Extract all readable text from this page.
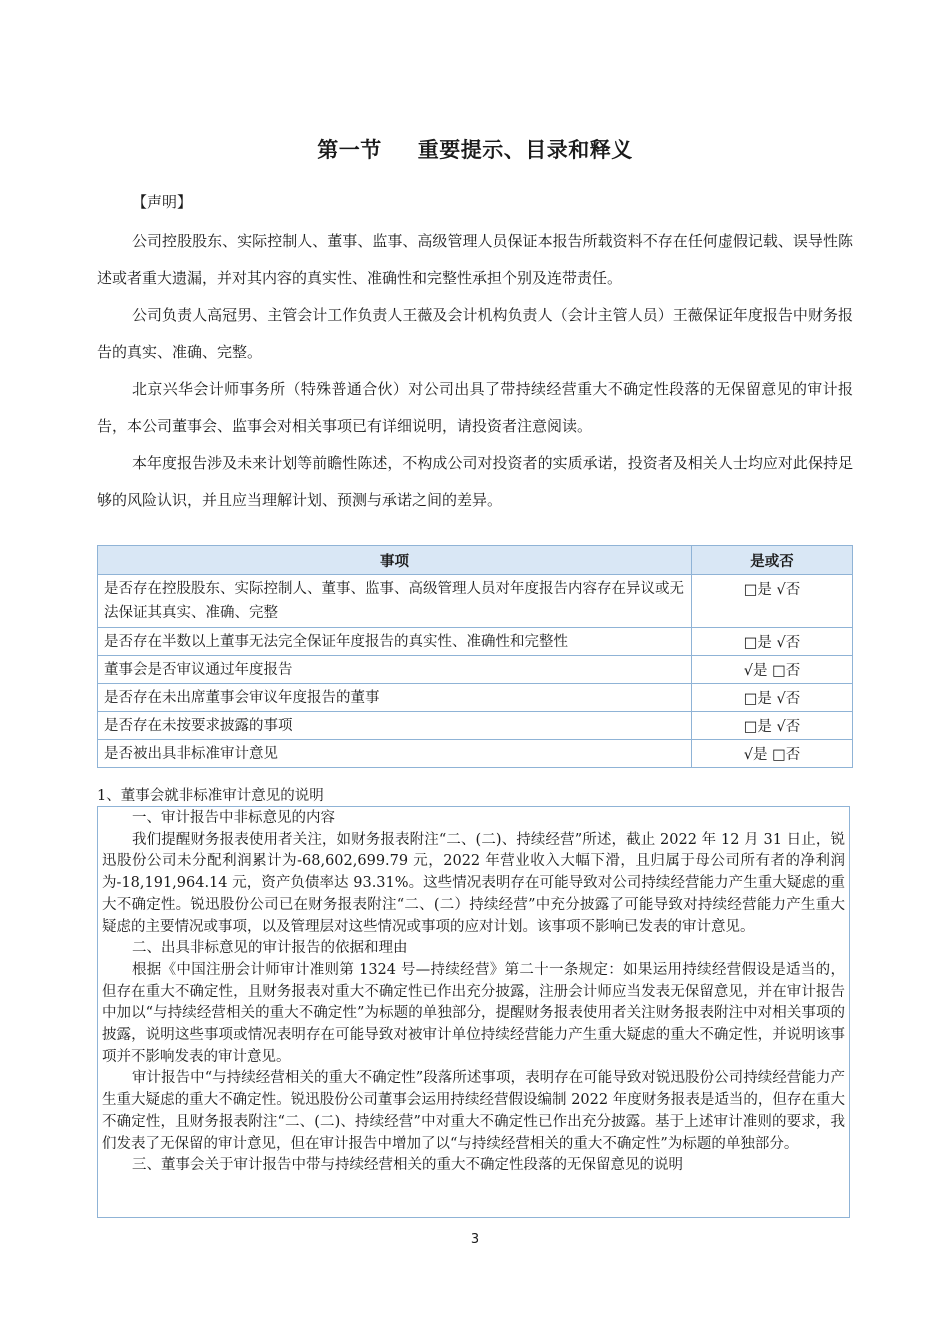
第一节 重要提示、目录和释义
【声明】

公司控股股东、实际控制人、董事、监事、高级管理人员保证本报告所载资料不存在任何虚假记载、误导性陈述或者重大遗漏，并对其内容的真实性、准确性和完整性承担个别及连带责任。

公司负责人高冠男、主管会计工作负责人王薇及会计机构负责人（会计主管人员）王薇保证年度报告中财务报告的真实、准确、完整。

北京兴华会计师事务所（特殊普通合伙）对公司出具了带持续经营重大不确定性段落的无保留意见的审计报告，本公司董事会、监事会对相关事项已有详细说明，请投资者注意阅读。

本年度报告涉及未来计划等前瞻性陈述，不构成公司对投资者的实质承诺，投资者及相关人士均应对此保持足够的风险认识，并且应当理解计划、预测与承诺之间的差异。

事项	是或否
是否存在控股股东、实际控制人、董事、监事、高级管理人员对年度报告内容存在异议或无法保证其真实、准确、完整	□是 √否
是否存在半数以上董事无法完全保证年度报告的真实性、准确性和完整性	□是 √否
董事会是否审议通过年度报告	√是 □否
是否存在未出席董事会审议年度报告的董事	□是 √否
是否存在未按要求披露的事项	□是 √否
是否被出具非标准审计意见	√是 □否
1、董事会就非标准审计意见的说明

一、审计报告中非标意见的内容

我们提醒财务报表使用者关注，如财务报表附注“二、(二)、持续经营”所述，截止 2022 年 12 月 31 日止，锐迅股份公司未分配利润累计为-68,602,699.79 元，2022 年营业收入大幅下滑，且归属于母公司所有者的净利润为-18,191,964.14 元，资产负债率达 93.31%。这些情况表明存在可能导致对公司持续经营能力产生重大疑虑的重大不确定性。锐迅股份公司已在财务报表附注“二、(二）持续经营”中充分披露了可能导致对持续经营能力产生重大疑虑的主要情况或事项，以及管理层对这些情况或事项的应对计划。该事项不影响已发表的审计意见。

二、出具非标意见的审计报告的依据和理由

根据《中国注册会计师审计准则第 1324 号—持续经营》第二十一条规定：如果运用持续经营假设是适当的，但存在重大不确定性，且财务报表对重大不确定性已作出充分披露，注册会计师应当发表无保留意见，并在审计报告中加以“与持续经营相关的重大不确定性”为标题的单独部分，提醒财务报表使用者关注财务报表附注中对相关事项的披露，说明这些事项或情况表明存在可能导致对被审计单位持续经营能力产生重大疑虑的重大不确定性，并说明该事项并不影响发表的审计意见。

审计报告中“与持续经营相关的重大不确定性”段落所述事项，表明存在可能导致对锐迅股份公司持续经营能力产生重大疑虑的重大不确定性。锐迅股份公司董事会运用持续经营假设编制 2022 年度财务报表是适当的，但存在重大不确定性，且财务报表附注“二、(二)、持续经营”中对重大不确定性已作出充分披露。基于上述审计准则的要求，我们发表了无保留的审计意见，但在审计报告中增加了以“与持续经营相关的重大不确定性”为标题的单独部分。

三、董事会关于审计报告中带与持续经营相关的重大不确定性段落的无保留意见的说明

3
